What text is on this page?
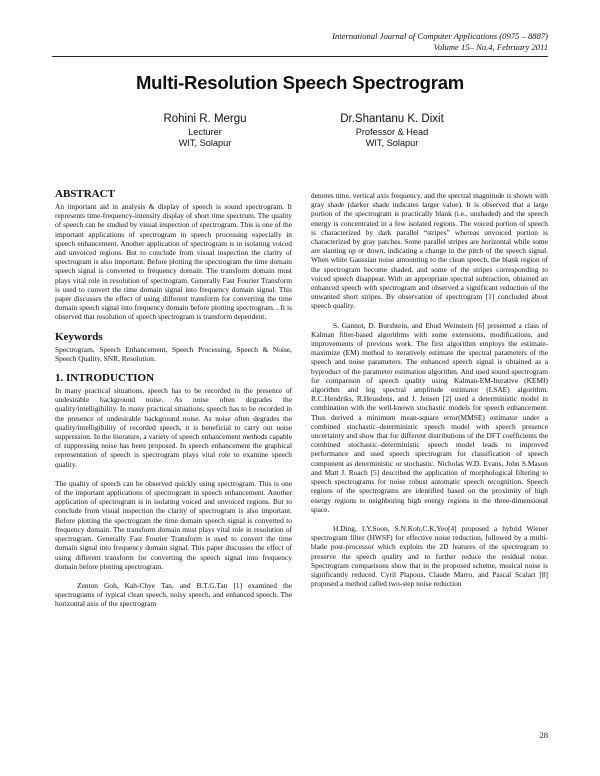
International Journal of Computer Applications (0975 – 8887)
Volume 15– No.4, February 2011
Multi-Resolution Speech Spectrogram
Rohini R. Mergu
Lecturer
WIT, Solapur
Dr.Shantanu K. Dixit
Professor & Head
WIT, Solapur
ABSTRACT

An important aid in analysis & display of speech is sound spectrogram. It represents time-frequency-intensity display of short time spectrum. The quality of speech can be studied by visual inspection of spectrogram. This is one of the important applications of spectrogram in speech processing especially in speech enhancement. Another application of spectrogram is in isolating voiced and unvoiced regions. But to conclude from visual inspection the clarity of spectrogram is also important. Before plotting the spectrogram the time domain speech signal is converted to frequency domain. The transform domain must plays vital role in resolution of spectrogram. Generally Fast Fourier Transform is used to convert the time domain signal into frequency domain signal. This paper discusses the effect of using different transform for converting the time domain speech signal into frequency domain before plotting spectrogram. . It is observed that resolution of speech spectrogram is transform dependent.

Keywords

Spectrogram, Speech Enhancement, Speech Processing, Speech & Noise, Speech Quality, SNR, Resolution.

1. INTRODUCTION

In many practical situations, speech has to be recorded in the presence of undesirable background noise. As noise often degrades the quality/intelligibility. In many practical situations, speech has to be recorded in the presence of undesirable background noise. As noise often degrades the quality/intelligibility of recorded speech, it is beneficial to carry out noise suppression. In the literature, a variety of speech enhancement methods capable of suppressing noise has been proposed. In speech enhancement the graphical representation of speech is spectrogram plays vital role to examine speech quality.

The quality of speech can be observed quickly using spectrogram. This is one of the important applications of spectrogram in speech enhancement. Another application of spectrogram is in isolating voiced and unvoiced regions. But to conclude from visual inspection the clarity of spectrogram is also important. Before plotting the spectrogram the time domain speech signal is converted to frequency domain. The transform domain must plays vital role in resolution of spectrogram. Generally Fast Fourier Transform is used to convert the time domain signal into frequency domain signal. This paper discusses the effect of using different transform for converting the speech signal into frequency domain before plotting spectrogram.

Zenton Goh, Kah-Chye Tan, and B.T.G.Tan [1] examined the spectrograms of typical clean speech, noisy speech, and enhanced speech. The horizontal axis of the spectrogram

denotes time, vertical axis frequency, and the spectral magnitude is shown with gray shade (darker shade indicates larger value). It is observed that a large portion of the spectrogram is practically blank (i.e., unshaded) and the speech energy is concentrated in a few isolated regions. The voiced portion of speech is characterized by dark parallel “stripes” whereas unvoiced portion is characterized by gray patches. Some parallel stripes are horizontal while some are slanting up or down, indicating a change in the pitch of the speech signal. When white Gaussian noise amounting to the clean speech, the blank region of the spectrogram become shaded, and some of the stripes corresponding to voiced speech disappear. With an appropriate spectral subtraction, obtained an enhanced speech with spectrogram and observed a significant reduction of the unwanted short stripes. By observation of spectrogram [1] concluded about speech quality.

S. Gannot, D. Burshtein, and Ehud Weinstein [6] presented a class of Kalman filter-based algorithms with some extensions, modifications, and improvements of previous work. The first algorithm employs the estimate-maximize (EM) method to iteratively estimate the spectral parameters of the speech and noise parameters. The enhanced speech signal is obtained as a byproduct of the parameter estimation algorithm. And used sound spectrogram for comparison of speech quality using Kalman-EM-Iterative (KEMI) algorithm and log spectral amplitude estimator (LSAE) algorithm. R.C.Hendriks, R.Heusdens, and J. Jensen [2] used a deterministic model in combination with the well-known stochastic models for speech enhancement. Thus derived a minimum mean-square error(MMSE) estimator under a combined stochastic–deterministic speech model with speech presence uncertainty and show that for different distributions of the DFT coefficients the combined stochastic–deterministic speech model leads to improved performance and used speech spectrogram for classification of speech component as deterministic or stochastic. Nicholas W.D. Evans, John S.Mason and Matt J. Roach [5] described the application of morphological filtering to speech spectrograms for noise robust automatic speech recognition. Speech regions of the spectrograms are identified based on the proximity of high energy regions to neighboring high energy regions in the three-dimensional space.

H.Ding, I.Y.Soon, S.N.Koh,C.K.Yeo[4] proposed a hybrid Wiener spectrogram filter (HWSF) for effective noise reduction, followed by a multi-blade post-processor which exploits the 2D features of the spectrogram to preserve the speech quality and to further reduce the residual noise. Spectrogram comparisons show that in the proposed scheme, musical noise is significantly reduced. Cyril Plapous, Claude Marro, and Pascal Scalart [8] proposed a method called two-step noise reduction

28
